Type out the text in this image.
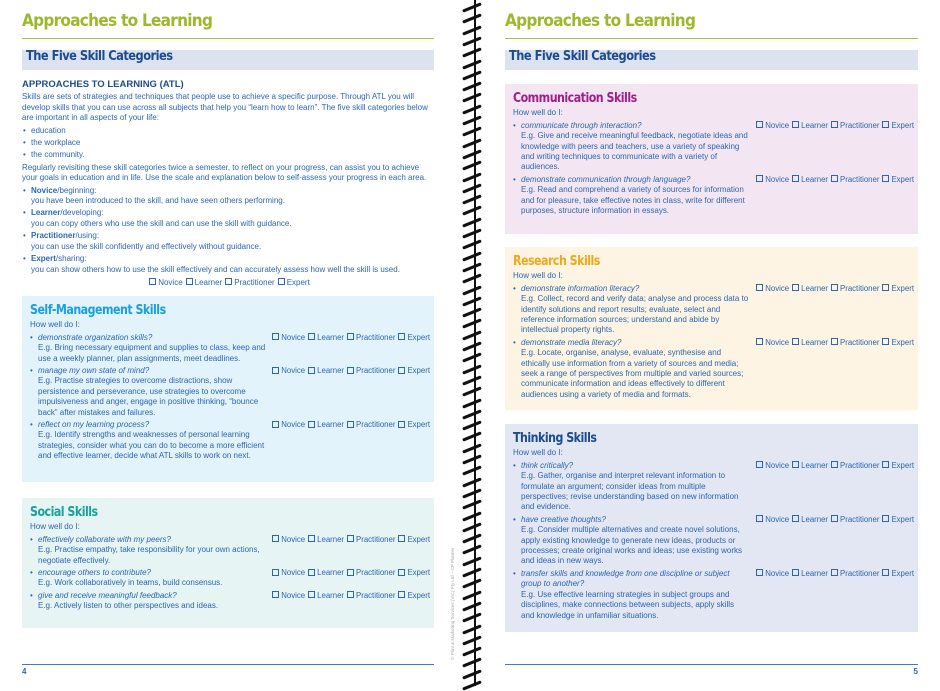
Approaches to Learning
The Five Skill Categories
APPROACHES TO LEARNING (ATL)

Skills are sets of strategies and techniques that people use to achieve a specific purpose. Through ATL you will develop skills that you can use across all subjects that help you “learn how to learn”. The five skill categories below are important in all aspects of your life:

• education
• the workplace
• the community.

Regularly revisiting these skill categories twice a semester, to reflect on your progress, can assist you to achieve your goals in education and in life. Use the scale and explanation below to self-assess your progress in each area.

• Novice/beginning:
you have been introduced to the skill, and have seen others performing.
• Learner/developing:
you can copy others who use the skill and can use the skill with guidance.
• Practitioner/using:
you can use the skill confidently and effectively without guidance.
• Expert/sharing:
you can show others how to use the skill effectively and can accurately assess how well the skill is used.
Novice Learner Practitioner Expert
4
Self-Management Skills
How well do I:
• demonstrate organization skills?
E.g. Bring necessary equipment and supplies to class, keep and use a weekly planner, plan assignments, meet deadlines.
Novice Learner Practitioner Expert
• manage my own state of mind?
E.g. Practise strategies to overcome distractions, show persistence and perseverance, use strategies to overcome impulsiveness and anger, engage in positive thinking, “bounce back” after mistakes and failures.
Novice Learner Practitioner Expert
• reflect on my learning process?
E.g. Identify strengths and weaknesses of personal learning strategies, consider what you can do to become a more efficient and effective learner, decide what ATL skills to work on next.
Novice Learner Practitioner Expert
Social Skills
How well do I:
• effectively collaborate with my peers?
E.g. Practise empathy, take responsibility for your own actions, negotiate effectively.
Novice Learner Practitioner Expert
• encourage others to contribute?
E.g. Work collaboratively in teams, build consensus.
Novice Learner Practitioner Expert
• give and receive meaningful feedback?
E.g. Actively listen to other perspectives and ideas.
Novice Learner Practitioner Expert	© Print & Marketing Services (VIC) Pty Ltd – CP Planner
Approaches to Learning
The Five Skill Categories
5
Communication Skills
How well do I:
• communicate through interaction?
E.g. Give and receive meaningful feedback, negotiate ideas and knowledge with peers and teachers, use a variety of speaking and writing techniques to communicate with a variety of audiences.
Novice Learner Practitioner Expert
• demonstrate communication through language?
E.g. Read and comprehend a variety of sources for information and for pleasure, take effective notes in class, write for different purposes, structure information in essays.
Novice Learner Practitioner Expert
Research Skills
How well do I:
• demonstrate information literacy?
E.g. Collect, record and verify data; analyse and process data to identify solutions and report results; evaluate, select and reference information sources; understand and abide by intellectual property rights.
Novice Learner Practitioner Expert
• demonstrate media literacy?
E.g. Locate, organise, analyse, evaluate, synthesise and ethically use information from a variety of sources and media; seek a range of perspectives from multiple and varied sources; communicate information and ideas effectively to different audiences using a variety of media and formats.
Novice Learner Practitioner Expert
Thinking Skills
How well do I:
• think critically?
E.g. Gather, organise and interpret relevant information to formulate an argument; consider ideas from multiple perspectives; revise understanding based on new information and evidence.
Novice Learner Practitioner Expert
• have creative thoughts?
E.g. Consider multiple alternatives and create novel solutions, apply existing knowledge to generate new ideas, products or processes; create original works and ideas; use existing works and ideas in new ways.
Novice Learner Practitioner Expert
• transfer skills and knowledge from one discipline or subject group to another?
E.g. Use effective learning strategies in subject groups and disciplines, make connections between subjects, apply skills and knowledge in unfamiliar situations.
Novice Learner Practitioner Expert
